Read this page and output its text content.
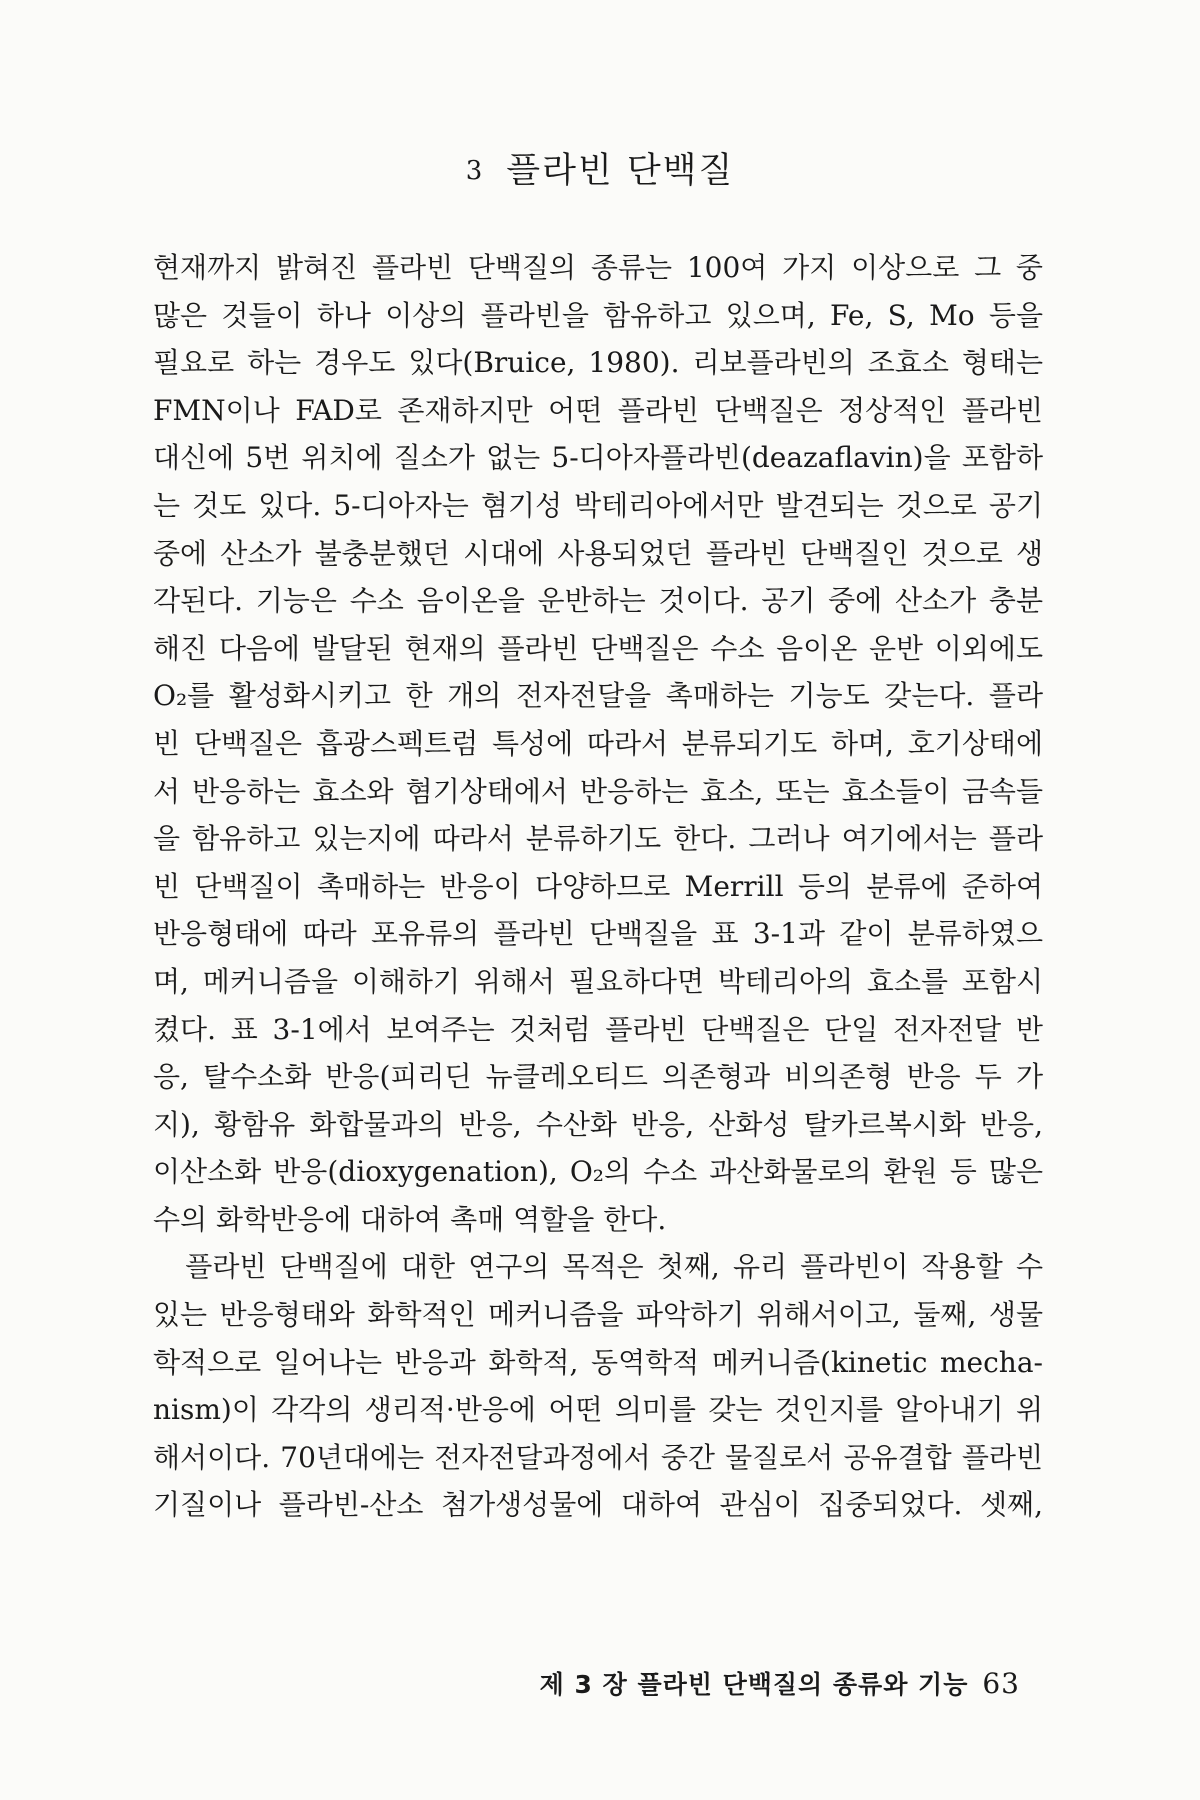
3 플라빈 단백질
현재까지 밝혀진 플라빈 단백질의 종류는 100여 가지 이상으로 그 중
많은 것들이 하나 이상의 플라빈을 함유하고 있으며, Fe, S, Mo 등을
필요로 하는 경우도 있다(Bruice, 1980). 리보플라빈의 조효소 형태는
FMN이나 FAD로 존재하지만 어떤 플라빈 단백질은 정상적인 플라빈
대신에 5번 위치에 질소가 없는 5-디아자플라빈(deazaflavin)을 포함하
는 것도 있다. 5-디아자는 혐기성 박테리아에서만 발견되는 것으로 공기
중에 산소가 불충분했던 시대에 사용되었던 플라빈 단백질인 것으로 생
각된다. 기능은 수소 음이온을 운반하는 것이다. 공기 중에 산소가 충분
해진 다음에 발달된 현재의 플라빈 단백질은 수소 음이온 운반 이외에도
O₂를 활성화시키고 한 개의 전자전달을 촉매하는 기능도 갖는다. 플라
빈 단백질은 흡광스펙트럼 특성에 따라서 분류되기도 하며, 호기상태에
서 반응하는 효소와 혐기상태에서 반응하는 효소, 또는 효소들이 금속들
을 함유하고 있는지에 따라서 분류하기도 한다. 그러나 여기에서는 플라
빈 단백질이 촉매하는 반응이 다양하므로 Merrill 등의 분류에 준하여
반응형태에 따라 포유류의 플라빈 단백질을 표 3-1과 같이 분류하였으
며, 메커니즘을 이해하기 위해서 필요하다면 박테리아의 효소를 포함시
켰다. 표 3-1에서 보여주는 것처럼 플라빈 단백질은 단일 전자전달 반
응, 탈수소화 반응(피리딘 뉴클레오티드 의존형과 비의존형 반응 두 가
지), 황함유 화합물과의 반응, 수산화 반응, 산화성 탈카르복시화 반응,
이산소화 반응(dioxygenation), O₂의 수소 과산화물로의 환원 등 많은
수의 화학반응에 대하여 촉매 역할을 한다.
　플라빈 단백질에 대한 연구의 목적은 첫째, 유리 플라빈이 작용할 수
있는 반응형태와 화학적인 메커니즘을 파악하기 위해서이고, 둘째, 생물
학적으로 일어나는 반응과 화학적, 동역학적 메커니즘(kinetic mecha-
nism)이 각각의 생리적·반응에 어떤 의미를 갖는 것인지를 알아내기 위
해서이다. 70년대에는 전자전달과정에서 중간 물질로서 공유결합 플라빈
기질이나 플라빈-산소 첨가생성물에 대하여 관심이 집중되었다. 셋째,
제 3 장 플라빈 단백질의 종류와 기능 63
